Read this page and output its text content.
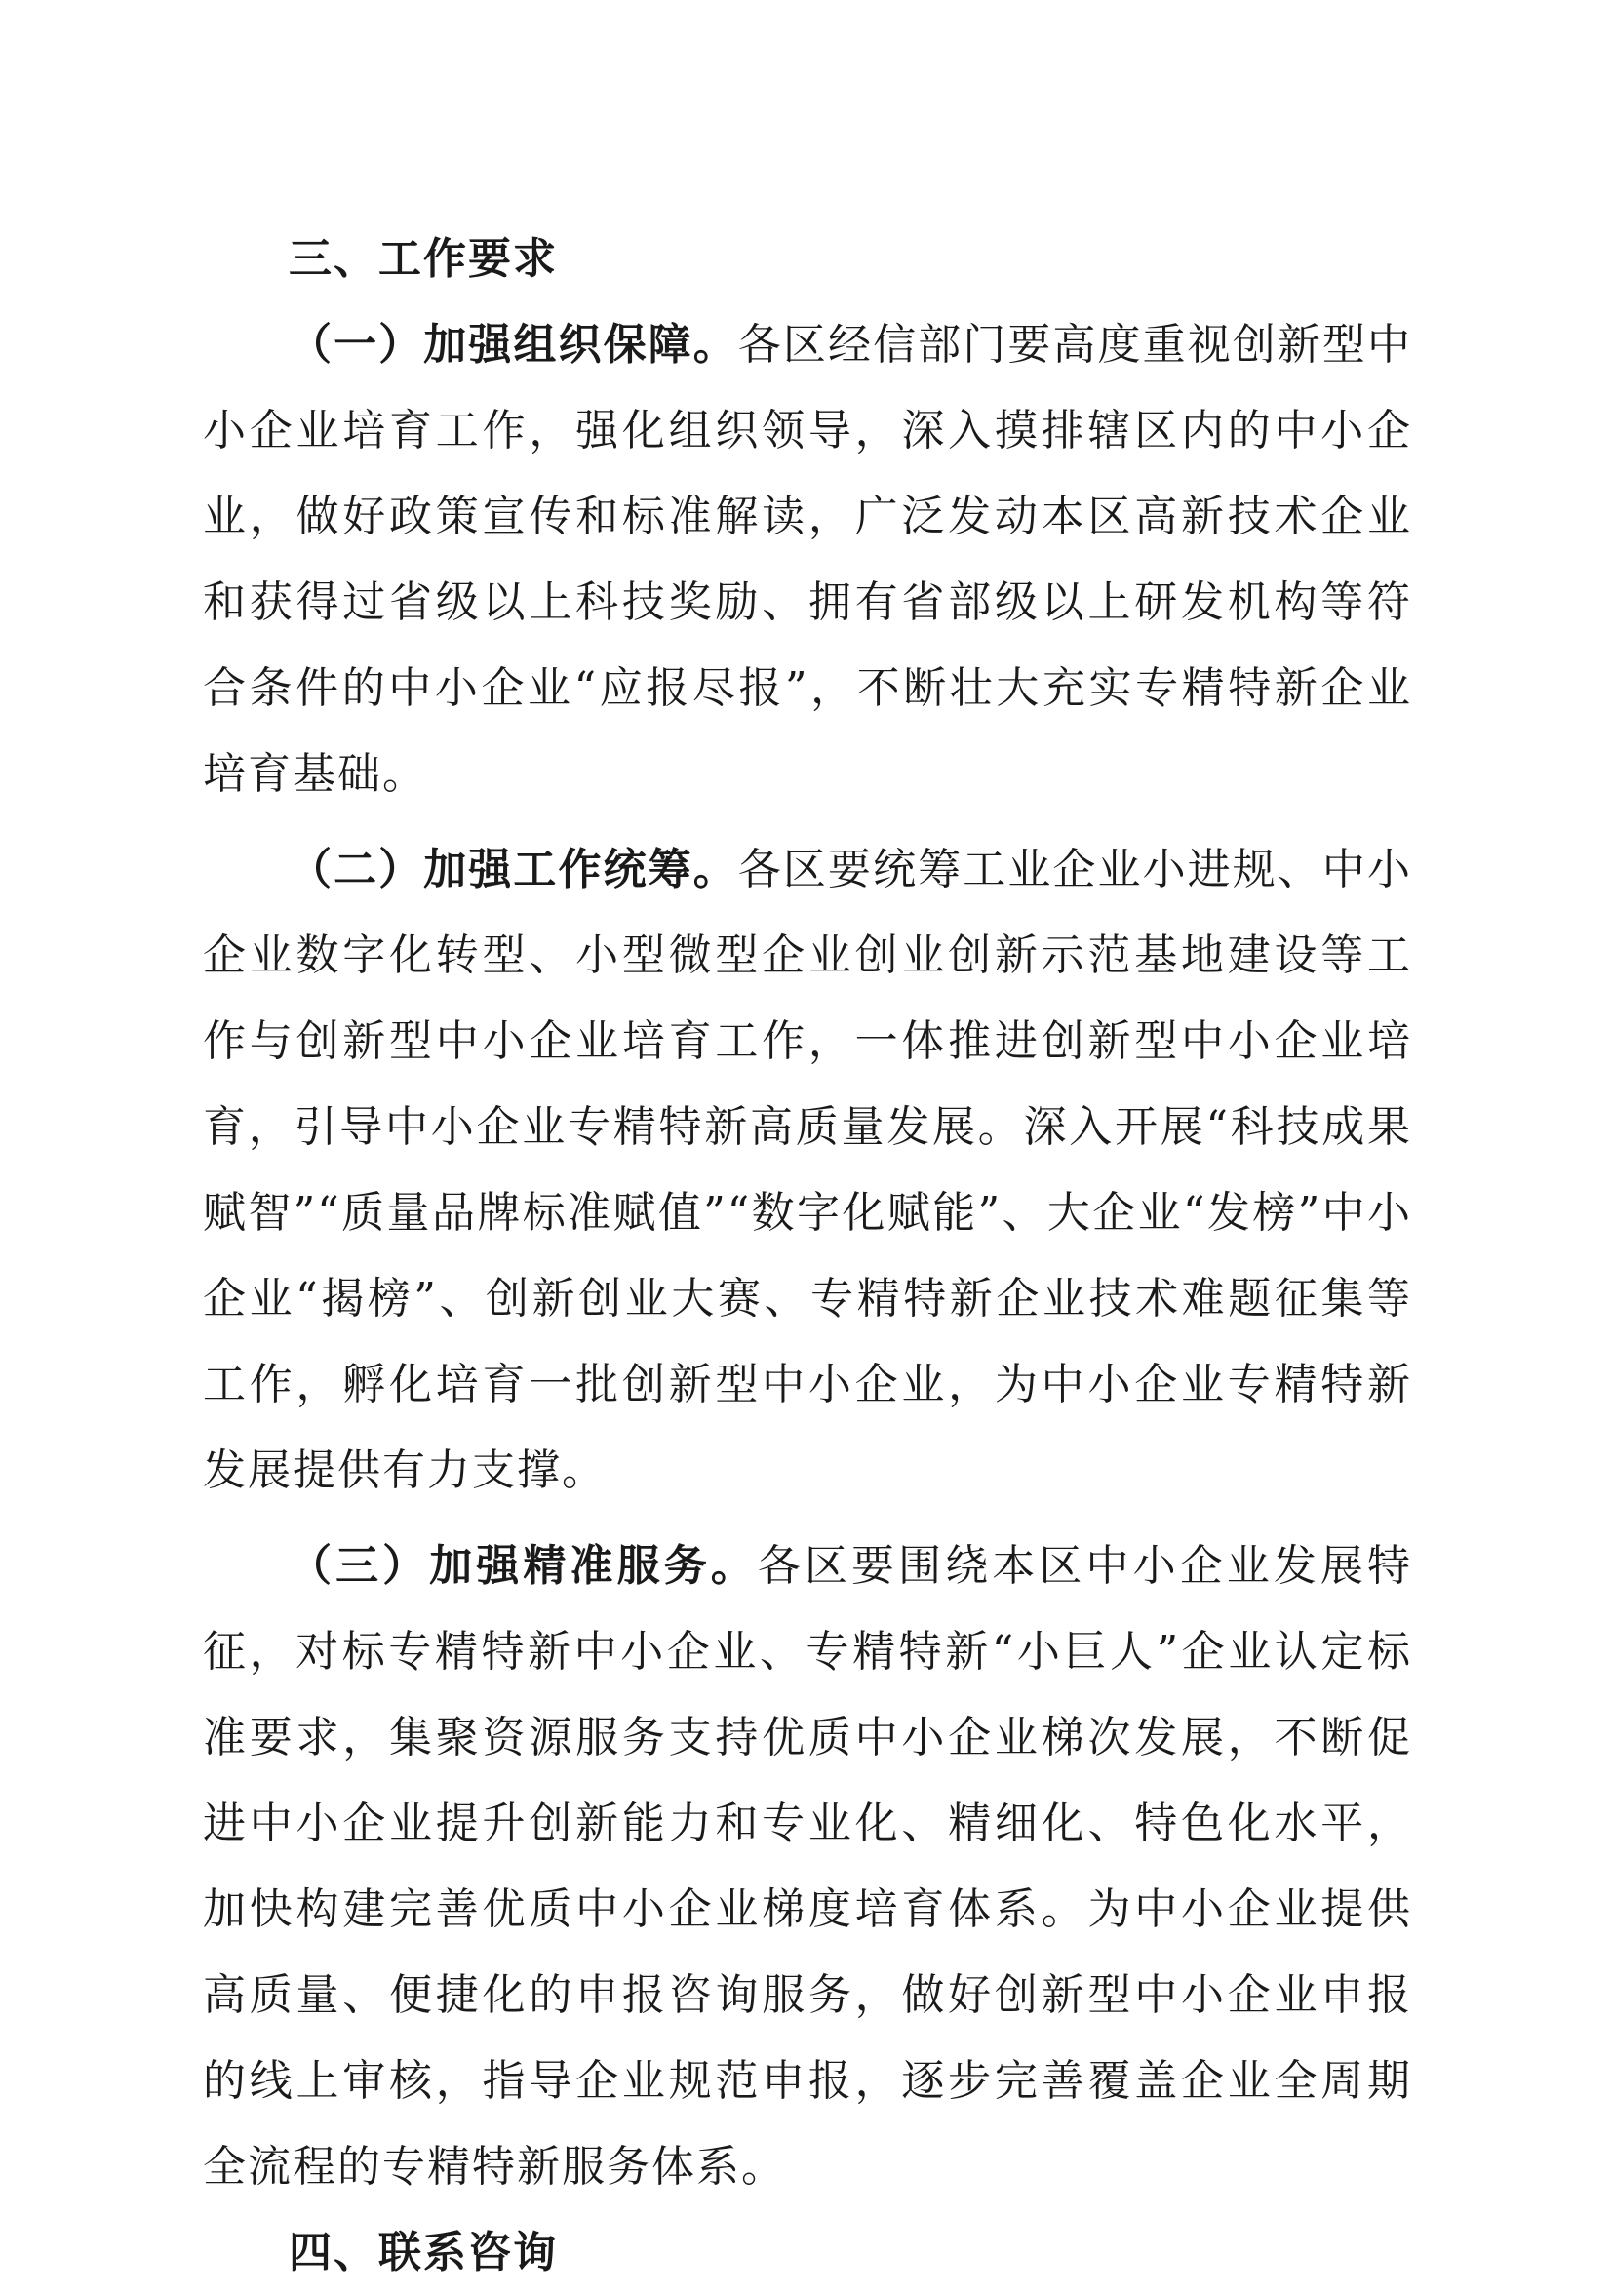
三、工作要求

（一）加强组织保障。各区经信部门要高度重视创新型中小企业培育工作，强化组织领导，深入摸排辖区内的中小企业，做好政策宣传和标准解读，广泛发动本区高新技术企业和获得过省级以上科技奖励、拥有省部级以上研发机构等符合条件的中小企业“应报尽报”，不断壮大充实专精特新企业培育基础。

（二）加强工作统筹。各区要统筹工业企业小进规、中小企业数字化转型、小型微型企业创业创新示范基地建设等工作与创新型中小企业培育工作，一体推进创新型中小企业培育，引导中小企业专精特新高质量发展。深入开展“科技成果赋智”“质量品牌标准赋值”“数字化赋能”、大企业“发榜”中小企业“揭榜”、创新创业大赛、专精特新企业技术难题征集等工作，孵化培育一批创新型中小企业，为中小企业专精特新发展提供有力支撑。

（三）加强精准服务。各区要围绕本区中小企业发展特征，对标专精特新中小企业、专精特新“小巨人”企业认定标准要求，集聚资源服务支持优质中小企业梯次发展，不断促进中小企业提升创新能力和专业化、精细化、特色化水平，加快构建完善优质中小企业梯度培育体系。为中小企业提供高质量、便捷化的申报咨询服务，做好创新型中小企业申报的线上审核，指导企业规范申报，逐步完善覆盖企业全周期全流程的专精特新服务体系。

四、联系咨询
